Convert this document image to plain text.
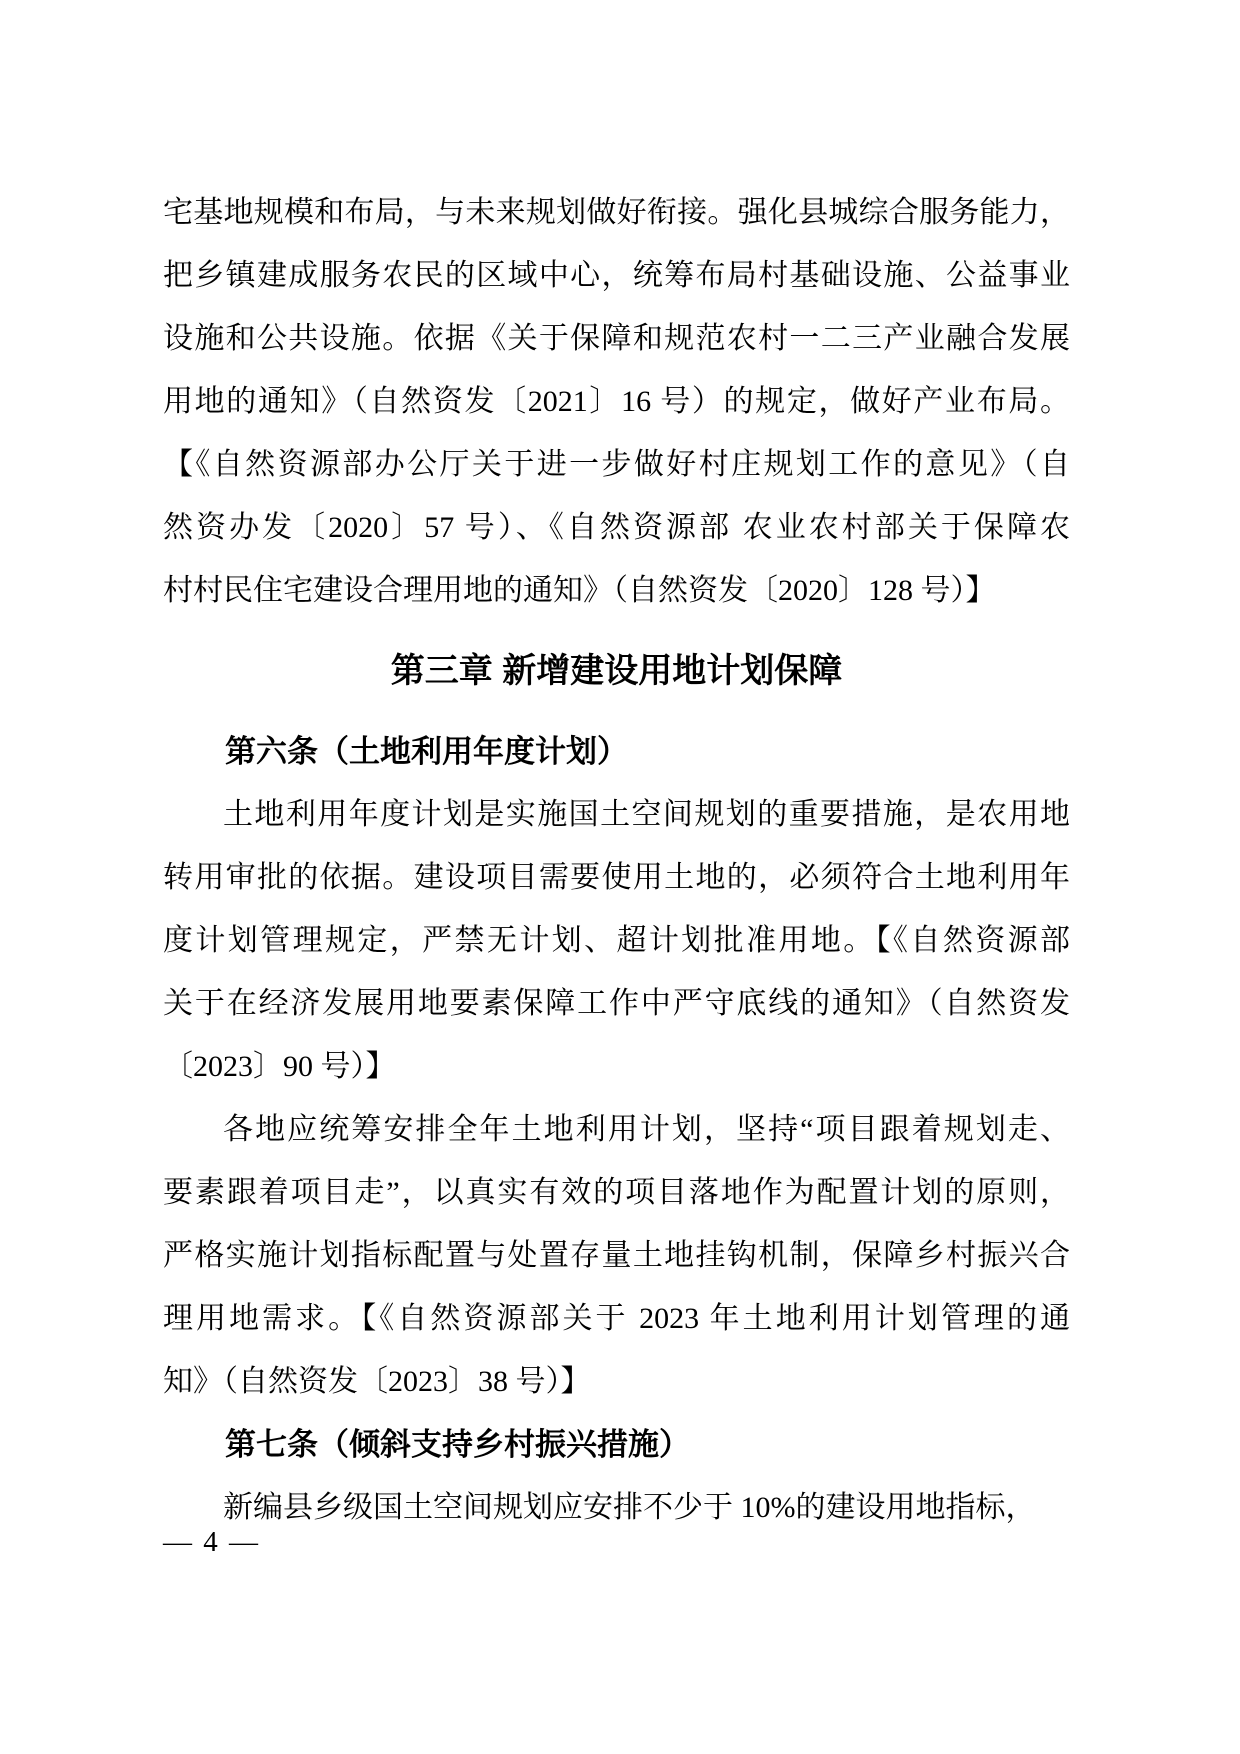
宅基地规模和布局，与未来规划做好衔接。强化县城综合服务能力，
把乡镇建成服务农民的区域中心，统筹布局村基础设施、公益事业
设施和公共设施。依据《关于保障和规范农村一二三产业融合发展
用地的通知》（自然资发〔2021〕16 号）的规定，做好产业布局。
【《自然资源部办公厅关于进一步做好村庄规划工作的意见》（自
然资办发〔2020〕57 号）、《自然资源部 农业农村部关于保障农
村村民住宅建设合理用地的通知》（自然资发〔2020〕128 号）】
第三章 新增建设用地计划保障
第六条（土地利用年度计划）
土地利用年度计划是实施国土空间规划的重要措施，是农用地
转用审批的依据。建设项目需要使用土地的，必须符合土地利用年
度计划管理规定，严禁无计划、超计划批准用地。【《自然资源部
关于在经济发展用地要素保障工作中严守底线的通知》（自然资发
〔2023〕90 号）】
各地应统筹安排全年土地利用计划，坚持“项目跟着规划走、
要素跟着项目走”，以真实有效的项目落地作为配置计划的原则，
严格实施计划指标配置与处置存量土地挂钩机制，保障乡村振兴合
理用地需求。【《自然资源部关于 2023 年土地利用计划管理的通
知》（自然资发〔2023〕38 号）】
第七条（倾斜支持乡村振兴措施）
新编县乡级国土空间规划应安排不少于 10%的建设用地指标，
— 4 —
